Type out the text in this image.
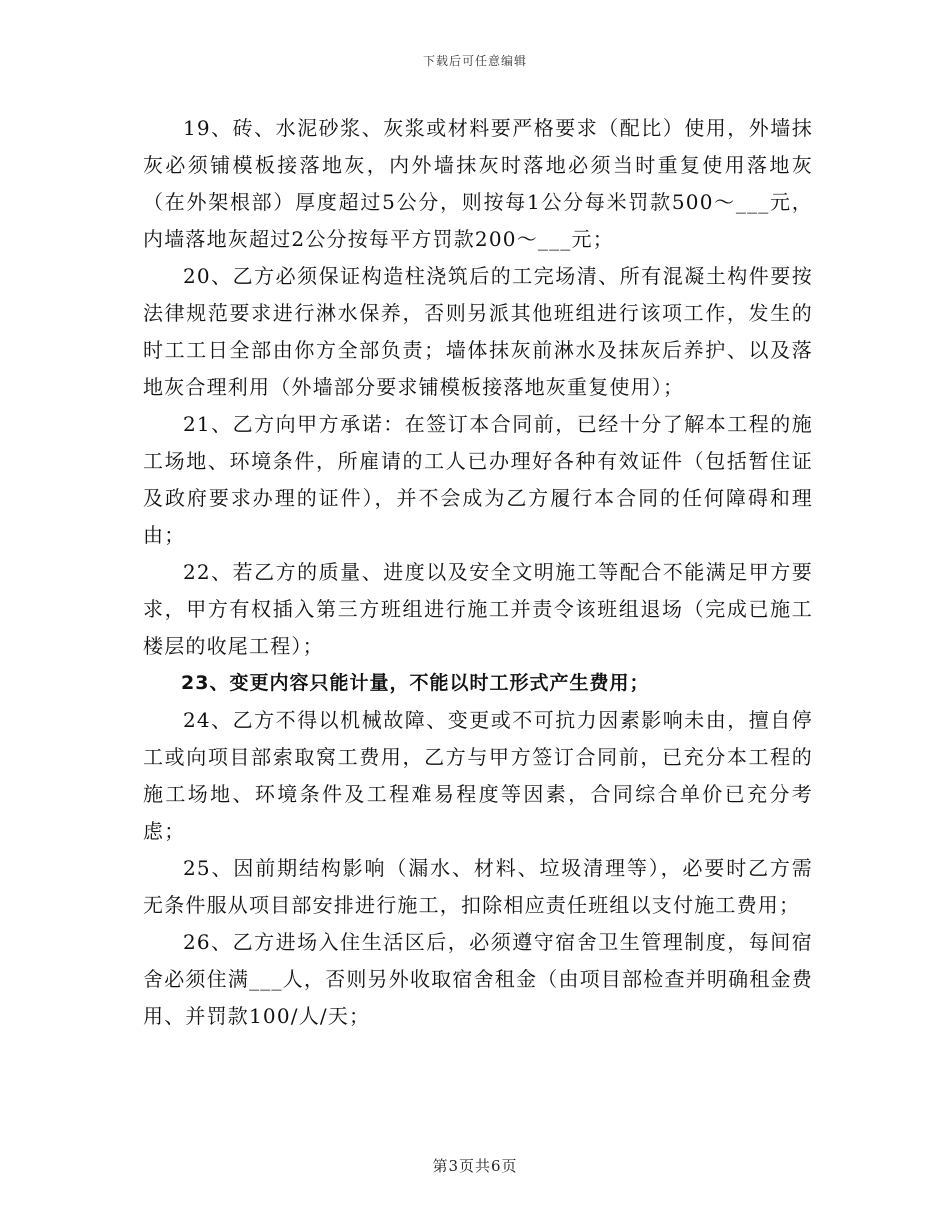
下载后可任意编辑

19、砖、水泥砂浆、灰浆或材料要严格要求（配比）使用，外墙抹灰必须铺模板接落地灰，内外墙抹灰时落地必须当时重复使用落地灰（在外架根部）厚度超过5公分，则按每1公分每米罚款500～___元，内墙落地灰超过2公分按每平方罚款200～___元；

20、乙方必须保证构造柱浇筑后的工完场清、所有混凝土构件要按法律规范要求进行淋水保养，否则另派其他班组进行该项工作，发生的时工工日全部由你方全部负责；墙体抹灰前淋水及抹灰后养护、以及落地灰合理利用（外墙部分要求铺模板接落地灰重复使用）；

21、乙方向甲方承诺：在签订本合同前，已经十分了解本工程的施工场地、环境条件，所雇请的工人已办理好各种有效证件（包括暂住证及政府要求办理的证件），并不会成为乙方履行本合同的任何障碍和理由；

22、若乙方的质量、进度以及安全文明施工等配合不能满足甲方要求，甲方有权插入第三方班组进行施工并责令该班组退场（完成已施工楼层的收尾工程）；

23、变更内容只能计量，不能以时工形式产生费用；

24、乙方不得以机械故障、变更或不可抗力因素影响未由，擅自停工或向项目部索取窝工费用，乙方与甲方签订合同前，已充分本工程的施工场地、环境条件及工程难易程度等因素，合同综合单价已充分考虑；

25、因前期结构影响（漏水、材料、垃圾清理等），必要时乙方需无条件服从项目部安排进行施工，扣除相应责任班组以支付施工费用；

26、乙方进场入住生活区后，必须遵守宿舍卫生管理制度，每间宿舍必须住满___人，否则另外收取宿舍租金（由项目部检查并明确租金费用、并罚款100/人/天；

第3页共6页
